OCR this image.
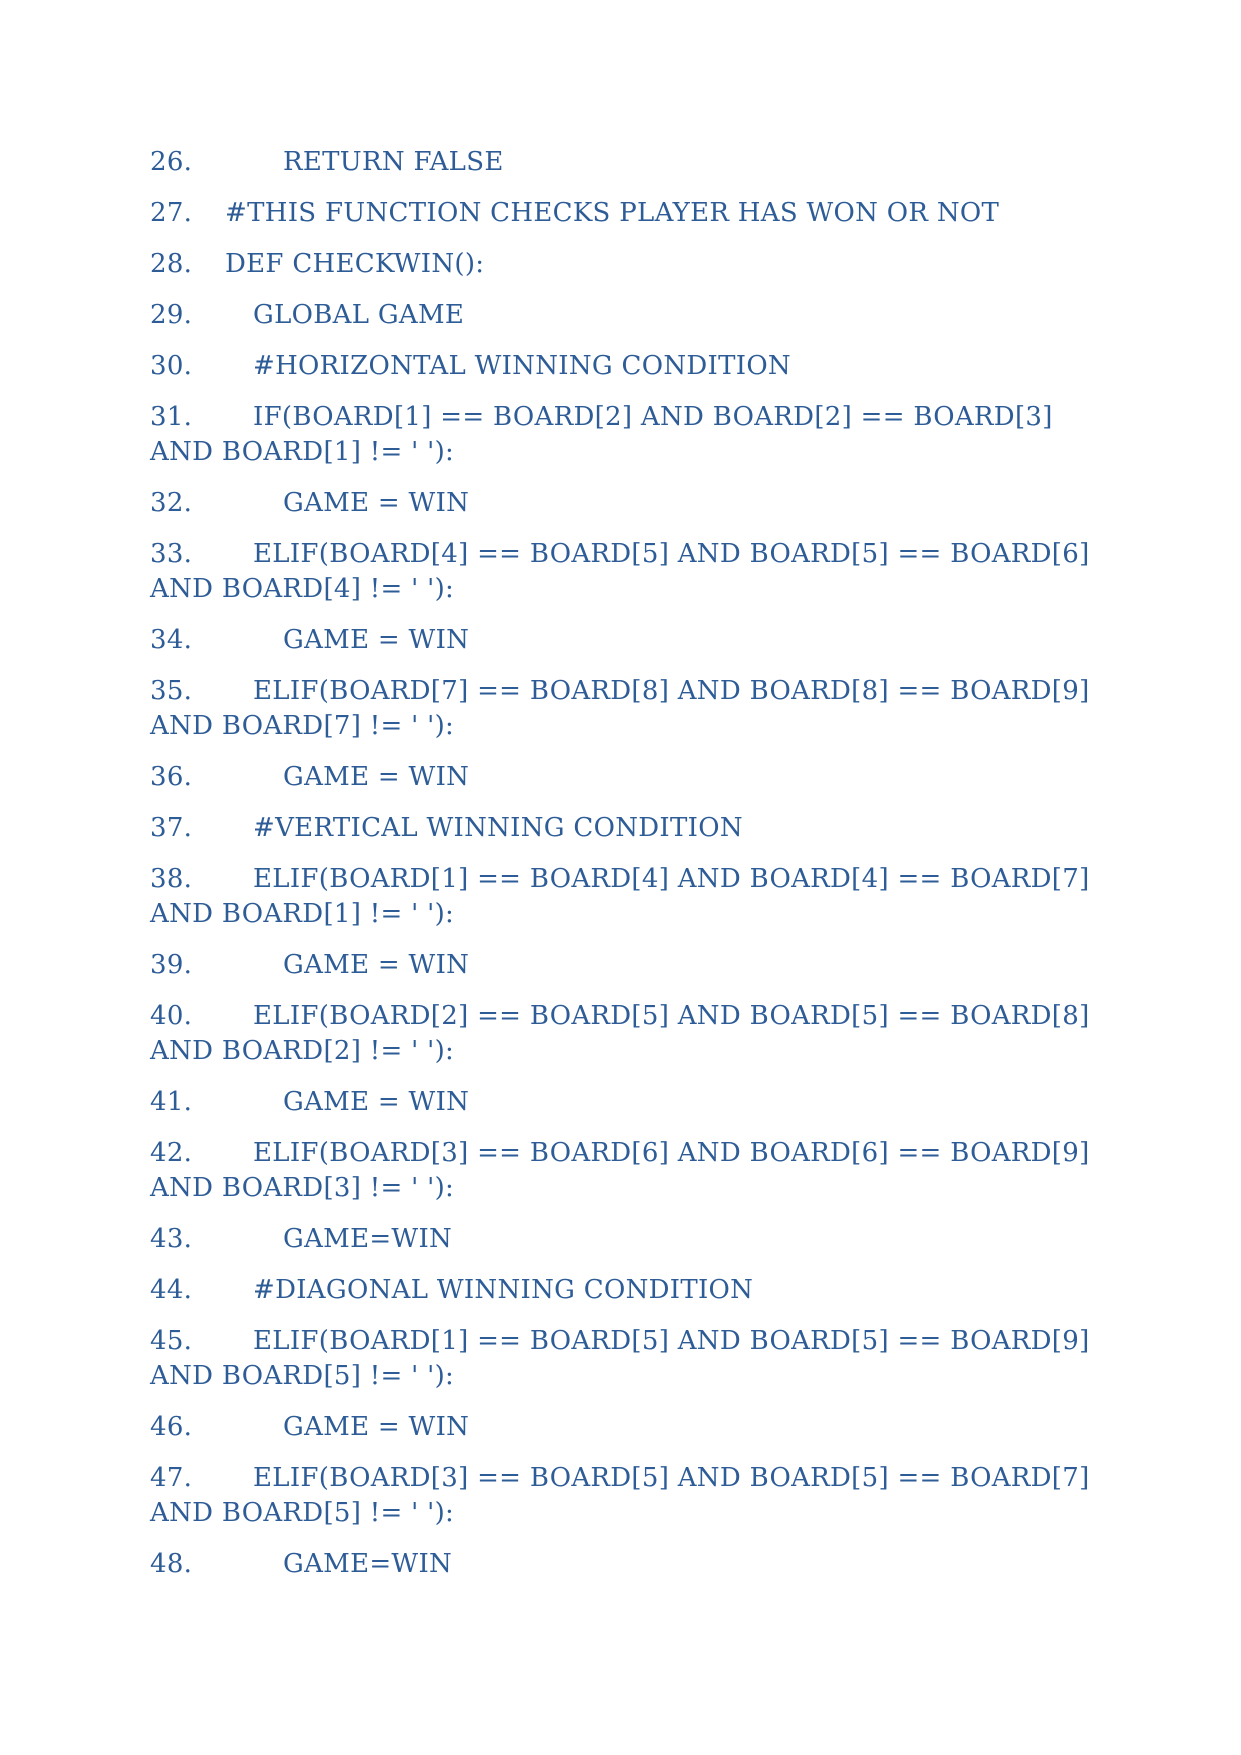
26.	RETURN FALSE
27. #THIS FUNCTION CHECKS PLAYER HAS WON OR NOT
28. DEF CHECKWIN():
29. GLOBAL GAME
30. #HORIZONTAL WINNING CONDITION
31. IF(BOARD[1] == BOARD[2] AND BOARD[2] == BOARD[3] AND BOARD[1] != ' '):
32.	GAME = WIN
33. ELIF(BOARD[4] == BOARD[5] AND BOARD[5] == BOARD[6] AND BOARD[4] != ' '):
34.	GAME = WIN
35. ELIF(BOARD[7] == BOARD[8] AND BOARD[8] == BOARD[9] AND BOARD[7] != ' '):
36.	GAME = WIN
37. #VERTICAL WINNING CONDITION
38. ELIF(BOARD[1] == BOARD[4] AND BOARD[4] == BOARD[7] AND BOARD[1] != ' '):
39.	GAME = WIN
40. ELIF(BOARD[2] == BOARD[5] AND BOARD[5] == BOARD[8] AND BOARD[2] != ' '):
41.	GAME = WIN
42. ELIF(BOARD[3] == BOARD[6] AND BOARD[6] == BOARD[9] AND BOARD[3] != ' '):
43.	GAME=WIN
44. #DIAGONAL WINNING CONDITION
45. ELIF(BOARD[1] == BOARD[5] AND BOARD[5] == BOARD[9] AND BOARD[5] != ' '):
46.	GAME = WIN
47. ELIF(BOARD[3] == BOARD[5] AND BOARD[5] == BOARD[7] AND BOARD[5] != ' '):
48.	GAME=WIN
